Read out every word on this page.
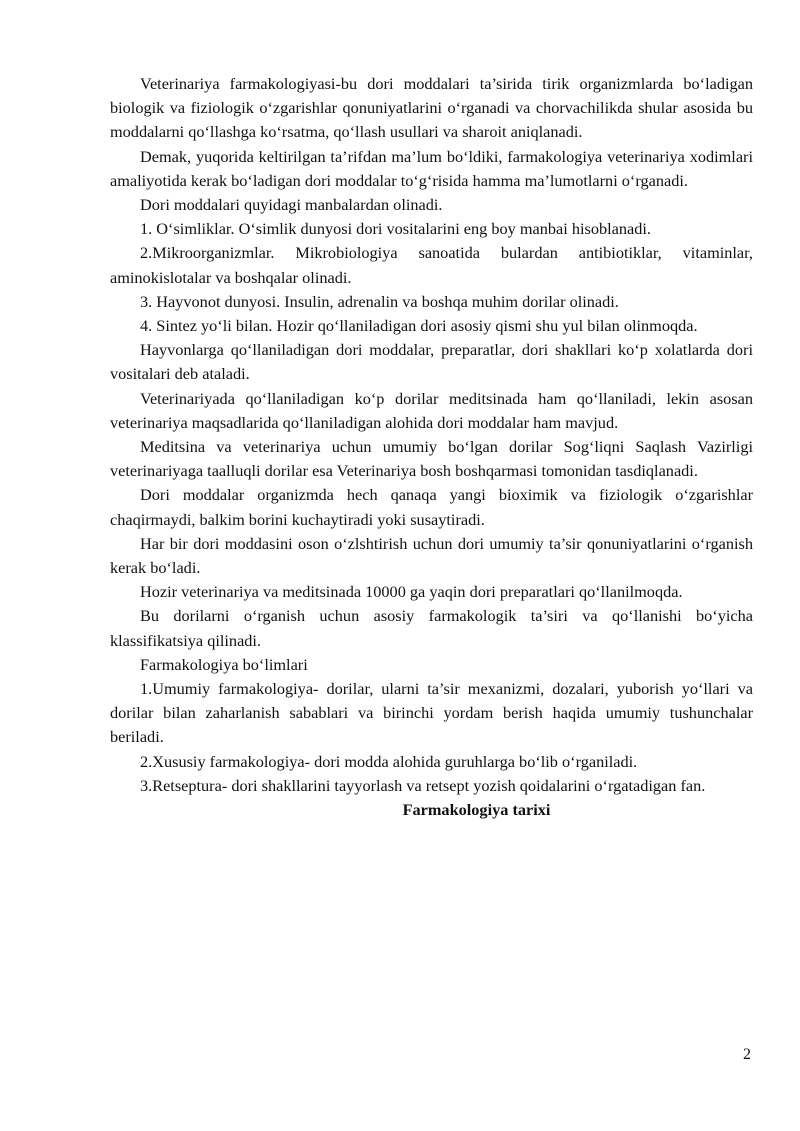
Veterinariya farmakologiyasi-bu dori moddalari ta’sirida tirik organizmlarda boʻladigan biologik va fiziologik oʻzgarishlar qonuniyatlarini oʻrganadi va chorvachilikda shular asosida bu moddalarni qoʻllashga koʻrsatma, qoʻllash usullari va sharoit aniqlanadi.

Demak, yuqorida keltirilgan ta’rifdan ma’lum boʻldiki, farmakologiya veterinariya xodimlari amaliyotida kerak boʻladigan dori moddalar toʻgʻrisida hamma ma’lumotlarni oʻrganadi.

Dori moddalari quyidagi manbalardan olinadi.

1. Oʻsimliklar. Oʻsimlik dunyosi dori vositalarini eng boy manbai hisoblanadi.

2.Mikroorganizmlar. Mikrobiologiya sanoatida bulardan antibiotiklar, vitaminlar, aminokislotalar va boshqalar olinadi.

3. Hayvonot dunyosi. Insulin, adrenalin va boshqa muhim dorilar olinadi.

4. Sintez yoʻli bilan. Hozir qoʻllaniladigan dori asosiy qismi shu yul bilan olinmoqda.

Hayvonlarga qoʻllaniladigan dori moddalar, preparatlar, dori shakllari koʻp xolatlarda dori vositalari deb ataladi.

Veterinariyada qoʻllaniladigan koʻp dorilar meditsinada ham qoʻllaniladi, lekin asosan veterinariya maqsadlarida qoʻllaniladigan alohida dori moddalar ham mavjud.

Meditsina va veterinariya uchun umumiy boʻlgan dorilar Sogʻliqni Saqlash Vazirligi veterinariyaga taalluqli dorilar esa Veterinariya bosh boshqarmasi tomonidan tasdiqlanadi.

Dori moddalar organizmda hech qanaqa yangi bioximik va fiziologik oʻzgarishlar chaqirmaydi, balkim borini kuchaytiradi yoki susaytiradi.

Har bir dori moddasini oson oʻzlshtirish uchun dori umumiy ta’sir qonuniyatlarini oʻrganish kerak boʻladi.

Hozir veterinariya va meditsinada 10000 ga yaqin dori preparatlari qoʻllanilmoqda.

Bu dorilarni oʻrganish uchun asosiy farmakologik ta’siri va qoʻllanishi boʻyicha klassifikatsiya qilinadi.

Farmakologiya boʻlimlari

1.Umumiy farmakologiya- dorilar, ularni ta’sir mexanizmi, dozalari, yuborish yoʻllari va dorilar bilan zaharlanish sabablari va birinchi yordam berish haqida umumiy tushunchalar beriladi.

2.Xususiy farmakologiya- dori modda alohida guruhlarga boʻlib oʻrganiladi.

3.Retseptura- dori shakllarini tayyorlash va retsept yozish qoidalarini oʻrgatadigan fan.

Farmakologiya tarixi

2
